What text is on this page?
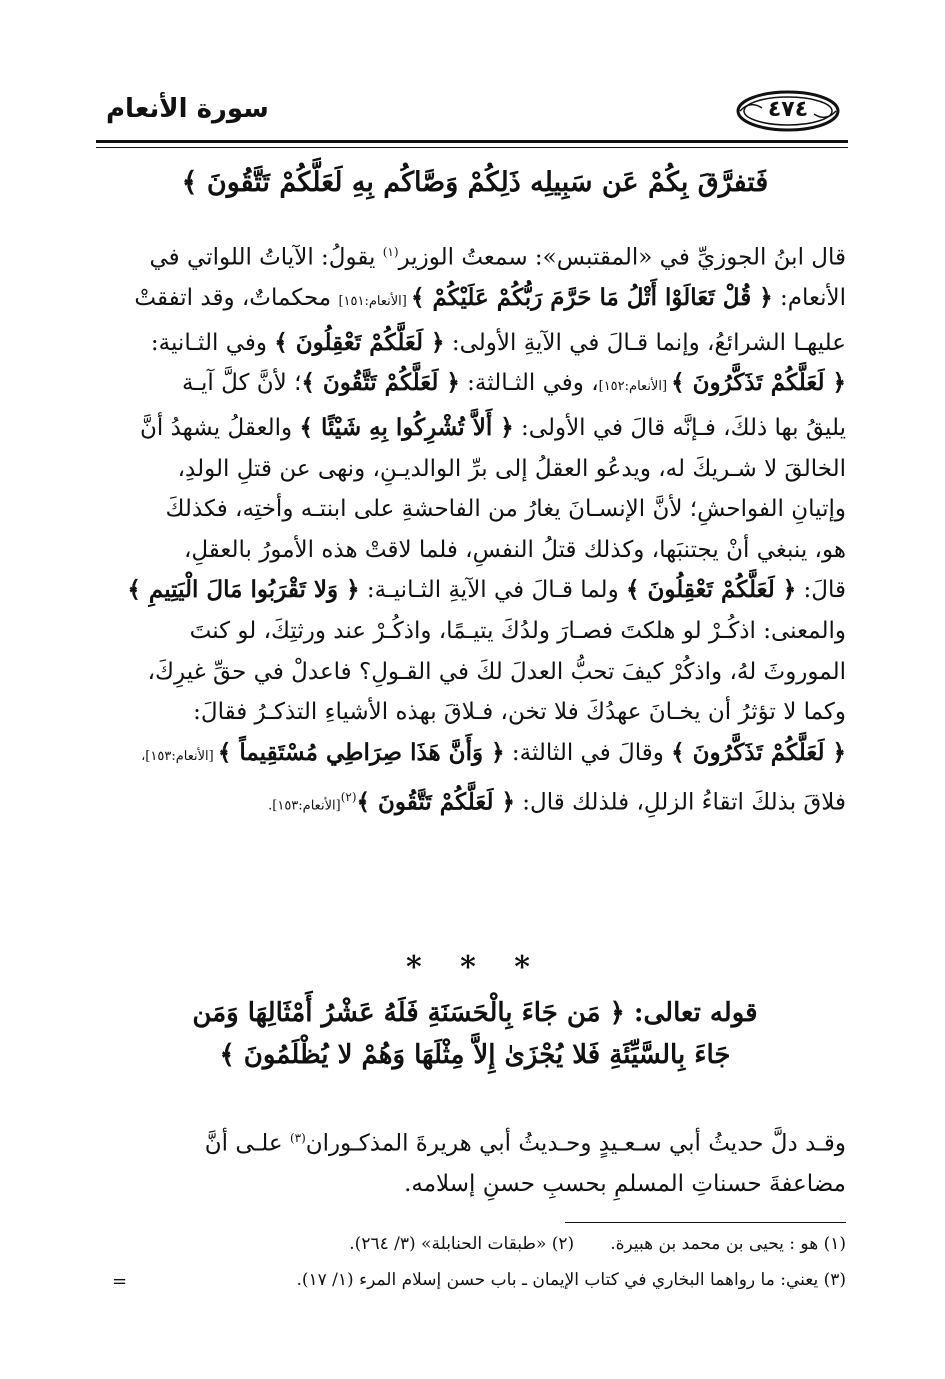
سورة الأنعام	٤٧٤
فَتفرَّقَ بِكُمْ عَن سَبِيلِه ذَلِكُمْ وَصَّاكُم بِهِ لَعَلَّكُمْ تَتَّقُونَ ﴾
قال ابنُ الجوزيِّ في «المقتبس»: سمعتُ الوزير$^{(١)}$ يقولُ: الآياتُ اللواتي في
الأنعام: ﴿ قُلْ تَعَالَوْا أَتْلُ مَا حَرَّمَ رَبُّكُمْ عَلَيْكُمْ ﴾ [الأنعام:١٥١] محكماتٌ، وقد اتفقتْ
عليهـا الشرائعُ، وإنما قـالَ في الآيةِ الأولى: ﴿ لَعَلَّكُمْ تَعْقِلُونَ ﴾ وفي الثـانية:
﴿ لَعَلَّكُمْ تَذَكَّرُونَ ﴾ [الأنعام:١٥٢]، وفي الثـالثة: ﴿ لَعَلَّكُمْ تَتَّقُونَ ﴾؛ لأنَّ كلَّ آيـة
يليقُ بها ذلكَ، فـإنَّه قالَ في الأولى: ﴿ أَلاَّ تُشْرِكُوا بِهِ شَيْئًا ﴾ والعقلُ يشهدُ أنَّ
الخالقَ لا شـريكَ له، ويدعُو العقلُ إلى برِّ الوالديـنِ، ونهى عن قتلِ الولدِ،
وإتيانِ الفواحشِ؛ لأنَّ الإنسـانَ يغارُ من الفاحشةِ على ابنتـه وأختِه، فكذلكَ
هو، ينبغي أنْ يجتنبَها، وكذلك قتلُ النفسِ، فلما لاقتْ هذه الأمورُ بالعقلِ،
قالَ: ﴿ لَعَلَّكُمْ تَعْقِلُونَ ﴾ ولما قـالَ في الآيةِ الثـانيـة: ﴿ وَلا تَقْرَبُوا مَالَ الْيَتِيمِ ﴾
والمعنى: اذكُـرْ لو هلكتَ فصـارَ ولدُكَ يتيـمًا، واذكُـرْ عند ورثتِكَ، لو كنتَ
الموروثَ لهُ، واذكُرْ كيفَ تحبُّ العدلَ لكَ في القـولِ؟ فاعدلْ في حقِّ غيرِكَ،
وكما لا تؤثرُ أن يخـانَ عهدُكَ فلا تخن، فـلاقَ بهذه الأشياءِ التذكـرُ فقالَ:
﴿ لَعَلَّكُمْ تَذَكَّرُونَ ﴾ وقالَ في الثالثة: ﴿ وَأَنَّ هَذَا صِرَاطِي مُسْتَقِيماً ﴾ [الأنعام:١٥٣]،
فلاقَ بذلكَ اتقاءُ الزللِ، فلذلك قال: ﴿ لَعَلَّكُمْ تَتَّقُونَ ﴾$^{(٢)}$[الأنعام:١٥٣].
* * *
قوله تعالى: ﴿ مَن جَاءَ بِالْحَسَنَةِ فَلَهُ عَشْرُ أَمْثَالِهَا وَمَن
جَاءَ بِالسَّيِّئَةِ فَلا يُجْزَىٰ إِلاَّ مِثْلَهَا وَهُمْ لا يُظْلَمُونَ ﴾
وقـد دلَّ حديثُ أبي سـعـيدٍ وحـديثُ أبي هريرةَ المذكـوران$^{(٣)}$ علـى أنَّ
مضاعفةَ حسناتِ المسلمِ بحسبِ حسنِ إسلامه.
(١) هو : يحيى بن محمد بن هبيرة.
(٢) «طبقات الحنابلة» (٣/ ٢٦٤).
(٣) يعني: ما رواهما البخاري في كتاب الإيمان ـ باب حسن إسلام المرء (١/ ١٧).
=
